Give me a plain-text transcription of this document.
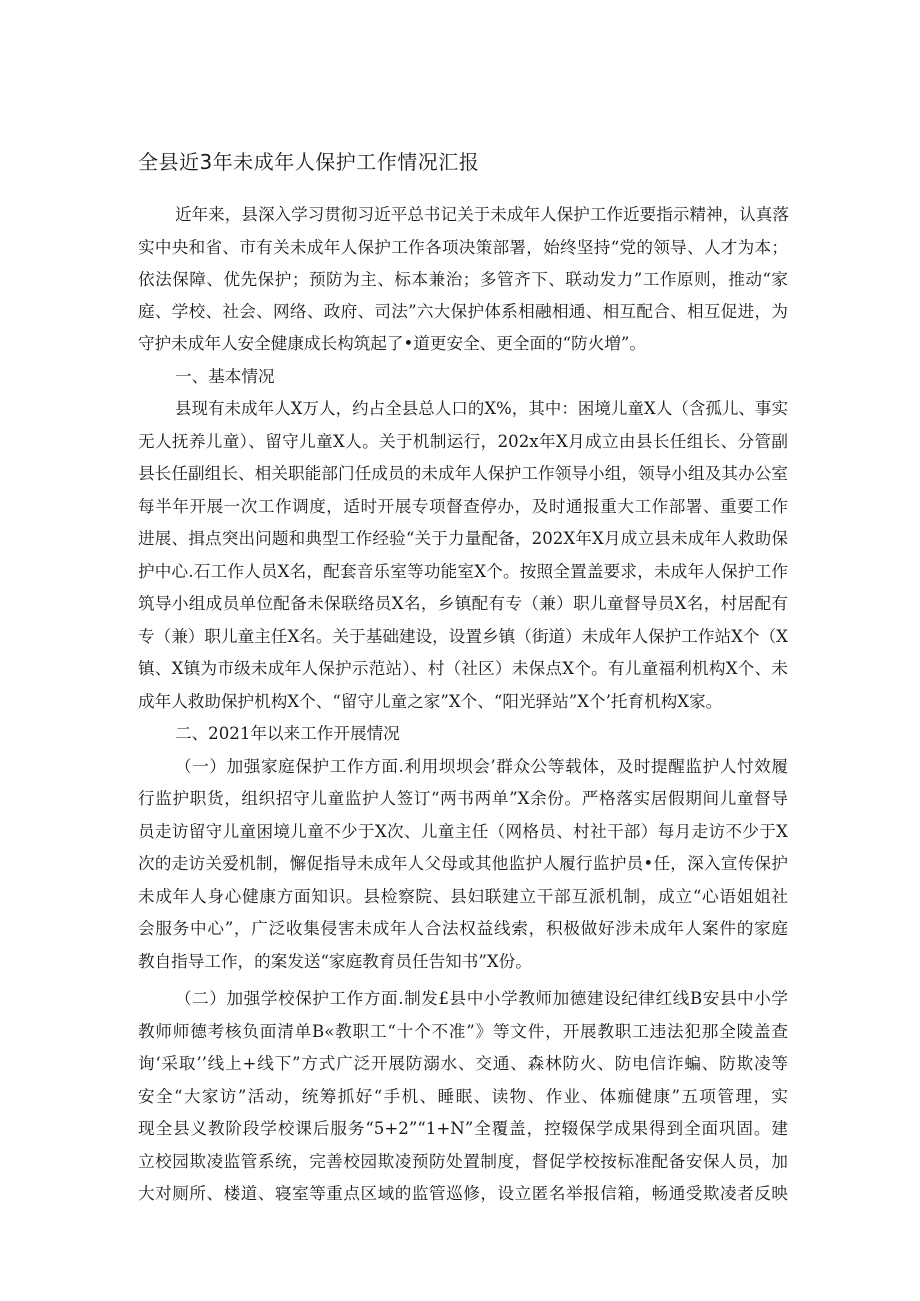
全县近3年未成年人保护工作情况汇报
近年来，县深入学习贯彻习近平总书记关于未成年人保护工作近要指示精神，认真落
实中央和省、市有关未成年人保护工作各项决策部署，始终坚持“党的领导、人才为本；
依法保障、优先保护；预防为主、标本兼治；多管齐下、联动发力”工作原则，推动“家
庭、学校、社会、网络、政府、司法”六大保护体系相融相通、相互配合、相互促进，为
守护未成年人安全健康成长构筑起了•道更安全、更全面的“防火増”。
一、基本情况
县现有未成年人X万人，约占全县总人口的X%，其中：困境儿童X人（含孤儿、事实
无人抚养儿童）、留守儿童X人。关于机制运行，202x年X月成立由县长任组长、分管副
县长任副组长、相关职能部门任成员的未成年人保护工作领导小组，领导小组及其办公室
每半年开展一次工作调度，适时开展专项督查停办，及时通报重大工作部署、重要工作
进展、揖点突出问题和典型工作经验“关于力量配备，202X年X月成立县未成年人救助保
护中心.石工作人员X名，配套音乐室等功能室X个。按照全置盖要求，未成年人保护工作
筑导小组成员单位配备未保联络员X名，乡镇配有专（兼）职儿童督导员X名，村居配有
专（兼）职儿童主任X名。关于基础建设，设置乡镇（街道）未成年人保护工作站X个（X
镇、X镇为市级未成年人保护示范站）、村（社区）未保点X个。有儿童福利机构X个、未
成年人救助保护机构X个、“留守儿童之家”X个、“阳光驿站”X个’托育机构X家。
二、2021年以来工作开展情况
（一）加强家庭保护工作方面.利用坝坝会’群众公等载体，及时提醒监护人忖效履
行监护职货，组织招守儿童监护人签订“两书两单”X余份。严格落实居假期间儿童督导
员走访留守儿童困境儿童不少于X次、儿童主任（网格员、村社干部）每月走访不少于X
次的走访关爱机制，懈促指导未成年人父母或其他监护人履行监护员•任，深入宣传保护
未成年人身心健康方面知识。县检察院、县妇联建立干部互派机制，成立“心语姐姐社
会服务中心”，广泛收集侵害未成年人合法权益线索，积极做好涉未成年人案件的家庭
教自指导工作，的案发送“家庭教育员任告知书”X份。
（二）加强学校保护工作方面.制发£县中小学教师加德建设纪律红线B安县中小学
教师师德考核负面清单B«教职工“十个不准”》等文件，开展教职工违法犯那全陵盖查
询‘采取’’线上+线下”方式广泛开展防溺水、交通、森林防火、防电信诈蝙、防欺凌等
安全“大家访”活动，统筹抓好“手机、睡眠、读物、作业、体痂健康”五项管理，实
现全县义教阶段学校课后服务“5+2”“1+N”全覆盖，控辍保学成果得到全面巩固。建
立校园欺凌监管系统，完善校园欺凌预防处置制度，督促学校按标准配备安保人员，加
大对厕所、楼道、寝室等重点区域的监管巡修，设立匿名举报信箱，畅通受欺凌者反映
